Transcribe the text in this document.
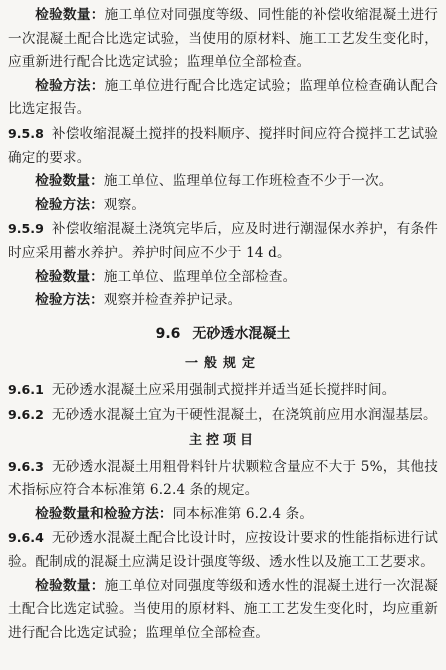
检验数量：施工单位对同强度等级、同性能的补偿收缩混凝土进行一次混凝土配合比选定试验，当使用的原材料、施工工艺发生变化时，应重新进行配合比选定试验；监理单位全部检查。

检验方法：施工单位进行配合比选定试验；监理单位检查确认配合比选定报告。

9.5.8 补偿收缩混凝土搅拌的投料顺序、搅拌时间应符合搅拌工艺试验确定的要求。

检验数量：施工单位、监理单位每工作班检查不少于一次。

检验方法：观察。

9.5.9 补偿收缩混凝土浇筑完毕后，应及时进行潮湿保水养护，有条件时应采用蓄水养护。养护时间应不少于 14 d。

检验数量：施工单位、监理单位全部检查。

检验方法：观察并检查养护记录。

9.6 无砂透水混凝土
一般规定

9.6.1 无砂透水混凝土应采用强制式搅拌并适当延长搅拌时间。

9.6.2 无砂透水混凝土宜为干硬性混凝土，在浇筑前应用水润湿基层。

主控项目

9.6.3 无砂透水混凝土用粗骨料针片状颗粒含量应不大于 5%，其他技术指标应符合本标准第 6.2.4 条的规定。

检验数量和检验方法：同本标准第 6.2.4 条。

9.6.4 无砂透水混凝土配合比设计时，应按设计要求的性能指标进行试验。配制成的混凝土应满足设计强度等级、透水性以及施工工艺要求。

检验数量：施工单位对同强度等级和透水性的混凝土进行一次混凝土配合比选定试验。当使用的原材料、施工工艺发生变化时，均应重新进行配合比选定试验；监理单位全部检查。
